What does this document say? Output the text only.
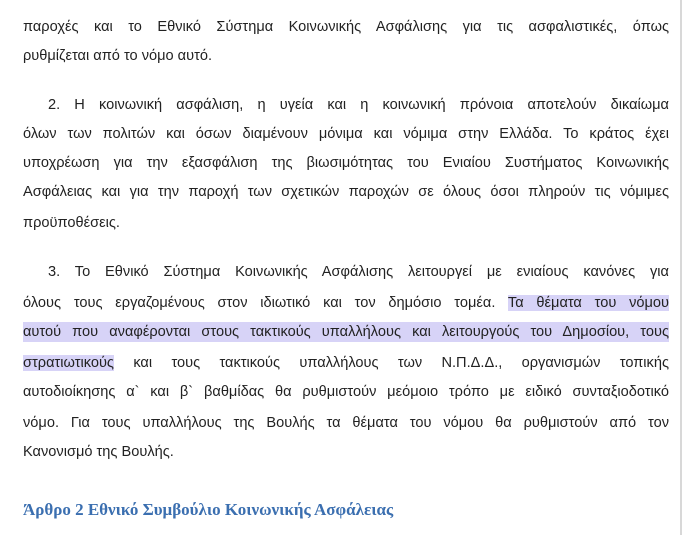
παροχές και το Εθνικό Σύστημα Κοινωνικής Ασφάλισης για τις ασφαλιστικές, όπως
ρυθμίζεται από το νόμο αυτό.
2. Η κοινωνική ασφάλιση, η υγεία και η κοινωνική πρόνοια αποτελούν δικαίωμα
όλων των πολιτών και όσων διαμένουν μόνιμα και νόμιμα στην Ελλάδα. Το κράτος έχει
υποχρέωση για την εξασφάλιση της βιωσιμότητας του Ενιαίου Συστήματος Κοινωνικής
Ασφάλειας και για την παροχή των σχετικών παροχών σε όλους όσοι πληρούν τις νόμιμες
προϋποθέσεις.
3. Το Εθνικό Σύστημα Κοινωνικής Ασφάλισης λειτουργεί με ενιαίους κανόνες για
όλους τους εργαζομένους στον ιδιωτικό και τον δημόσιο τομέα. Τα θέματα του νόμου
αυτού που αναφέρονται στους τακτικούς υπαλλήλους και λειτουργούς του Δημοσίου, τους
στρατιωτικούς και τους τακτικούς υπαλλήλους των Ν.Π.Δ.Δ., οργανισμών τοπικής
αυτοδιοίκησης α` και β` βαθμίδας θα ρυθμιστούν μεόμοιο τρόπο με ειδικό συνταξιοδοτικό
νόμο. Για τους υπαλλήλους της Βουλής τα θέματα του νόμου θα ρυθμιστούν από τον
Κανονισμό της Βουλής.
Άρθρο 2 Εθνικό Συμβούλιο Κοινωνικής Ασφάλειας
